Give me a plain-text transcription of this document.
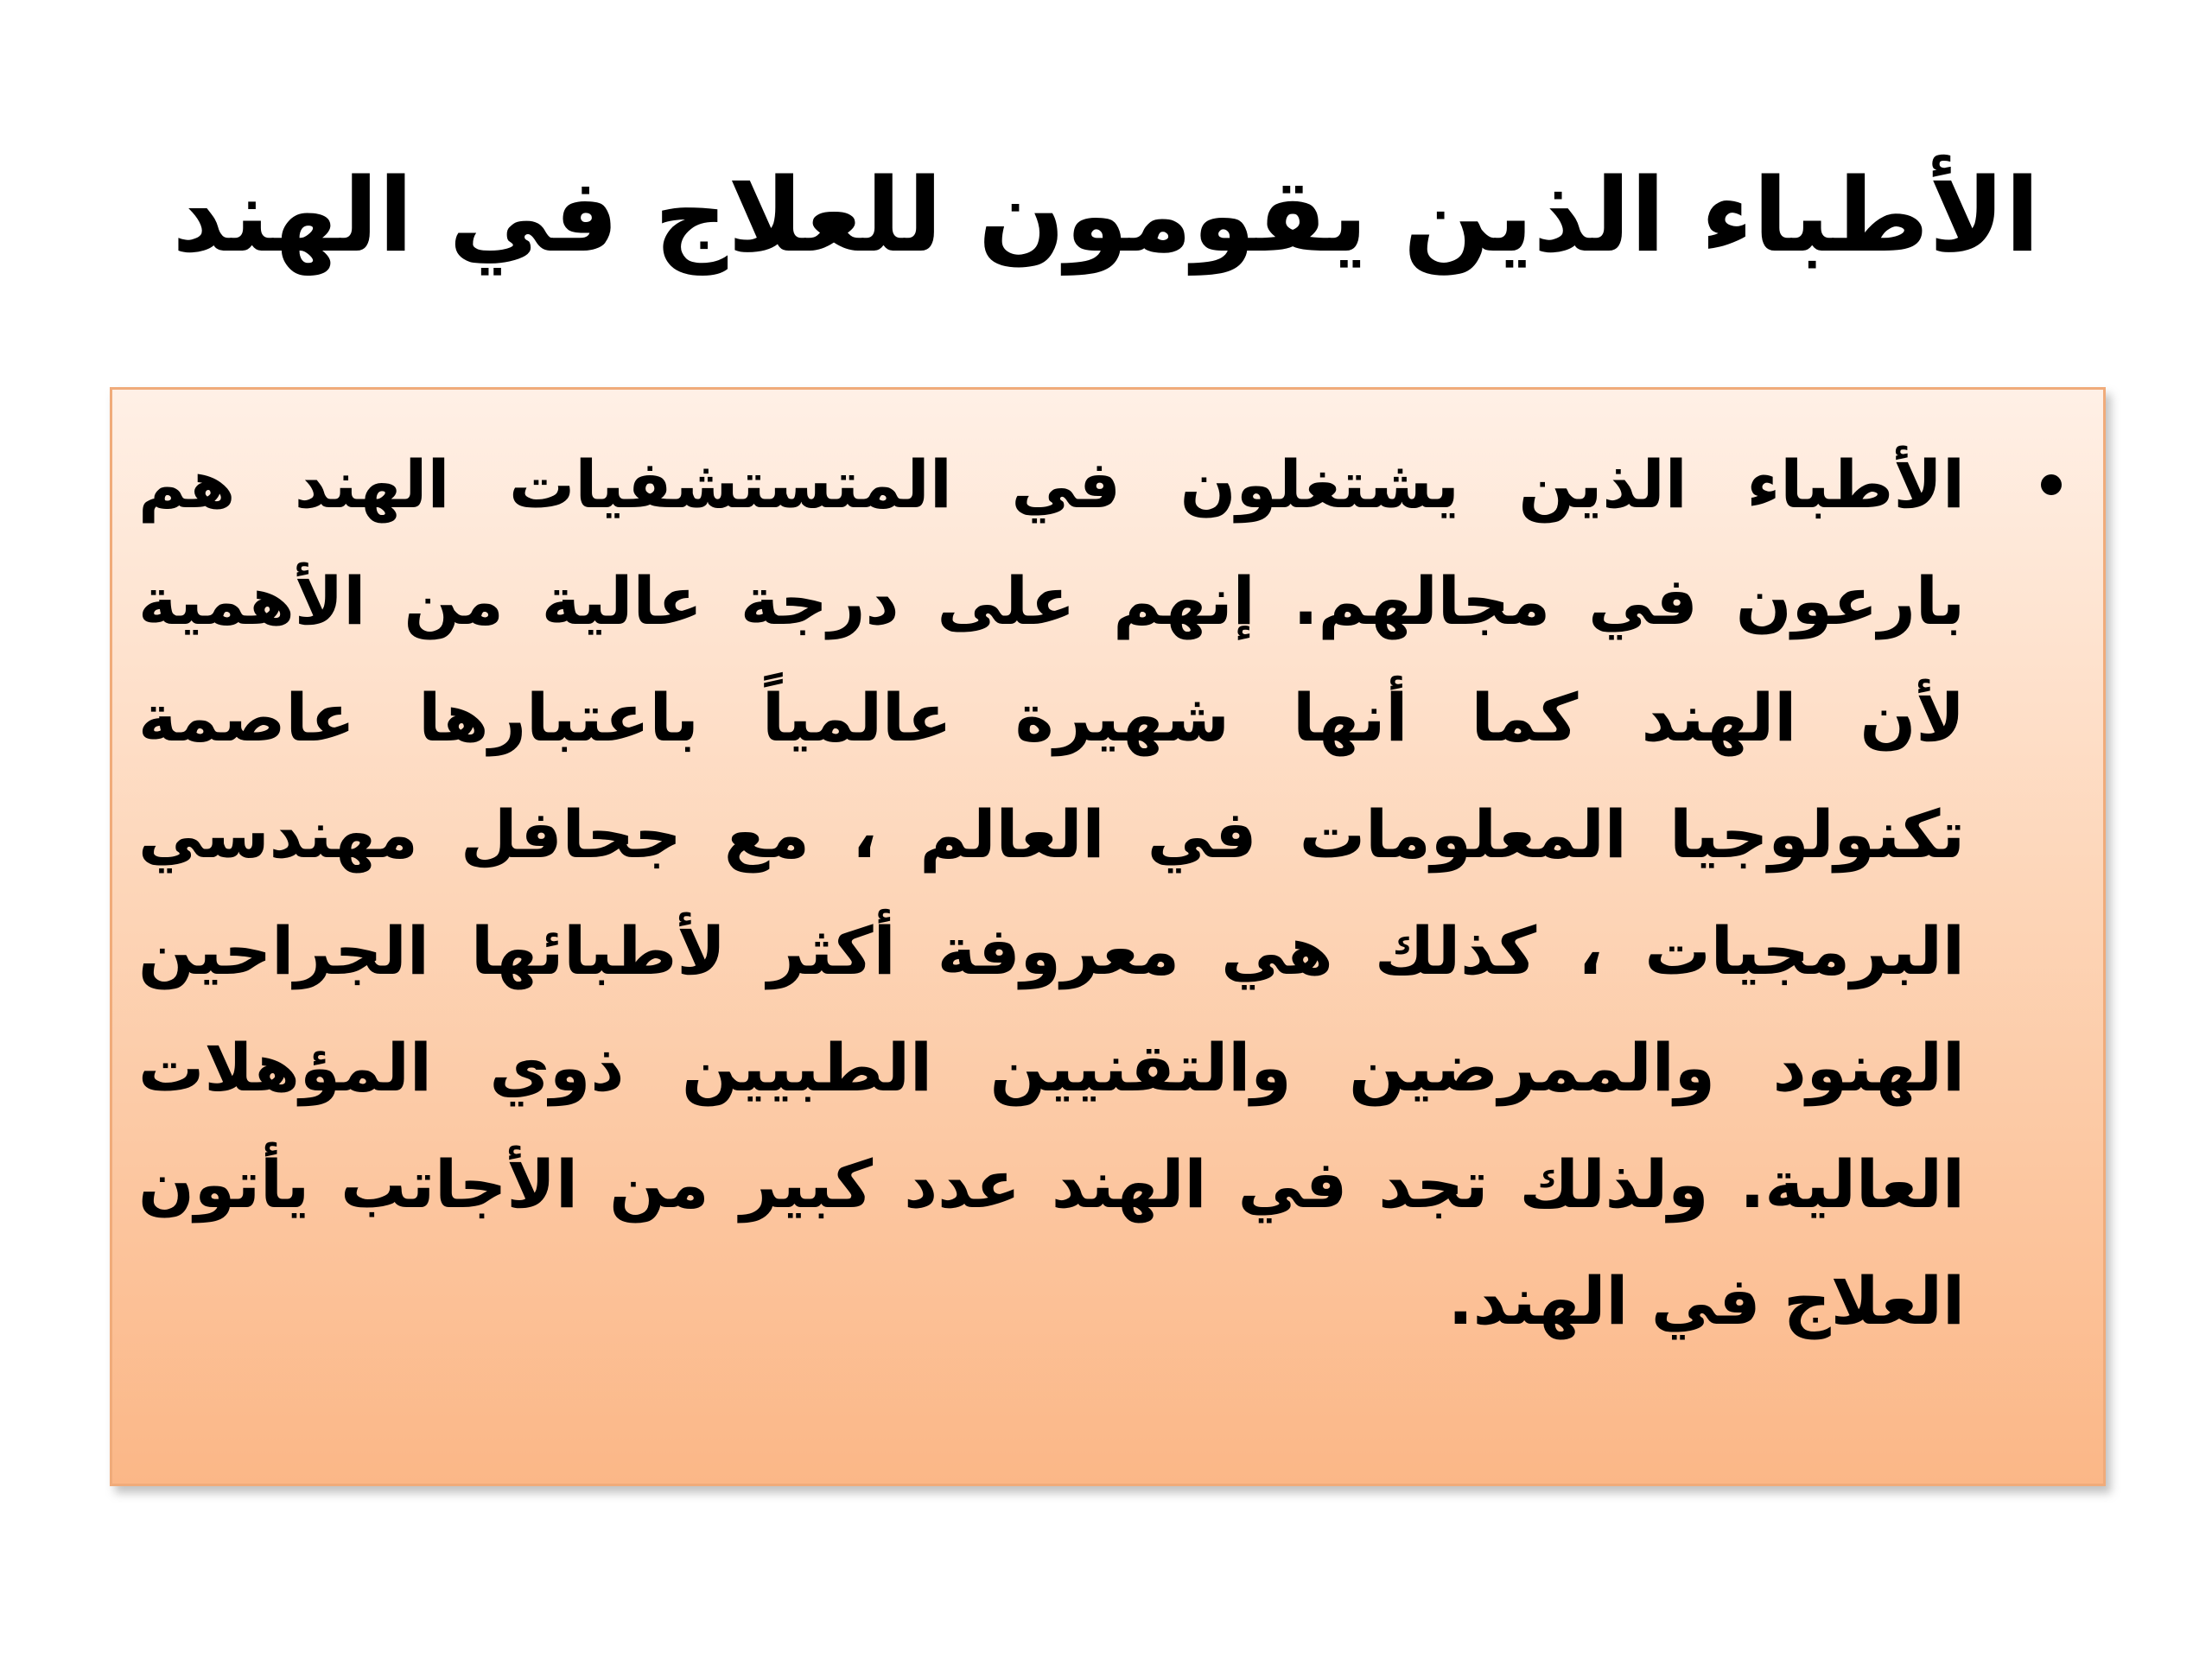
الأطباء الذين يقومون للعلاج في الهند
الأطباء الذين يشتغلون في المتستشفيات الهند هم بارعون في مجالهم. إنهم على درجة عالية من الأهمية لأن الهند كما أنها شهيرة عالمياً باعتبارها عاصمة تكنولوجيا المعلومات في العالم ، مع جحافل مهندسي البرمجيات ، كذلك هي معروفة أكثر لأطبائها الجراحين الهنود والممرضين والتقنيين الطبيين ذوي المؤهلات العالية. ولذلك تجد في الهند عدد كبير من الأجاتب يأتون العلاج في الهند.
